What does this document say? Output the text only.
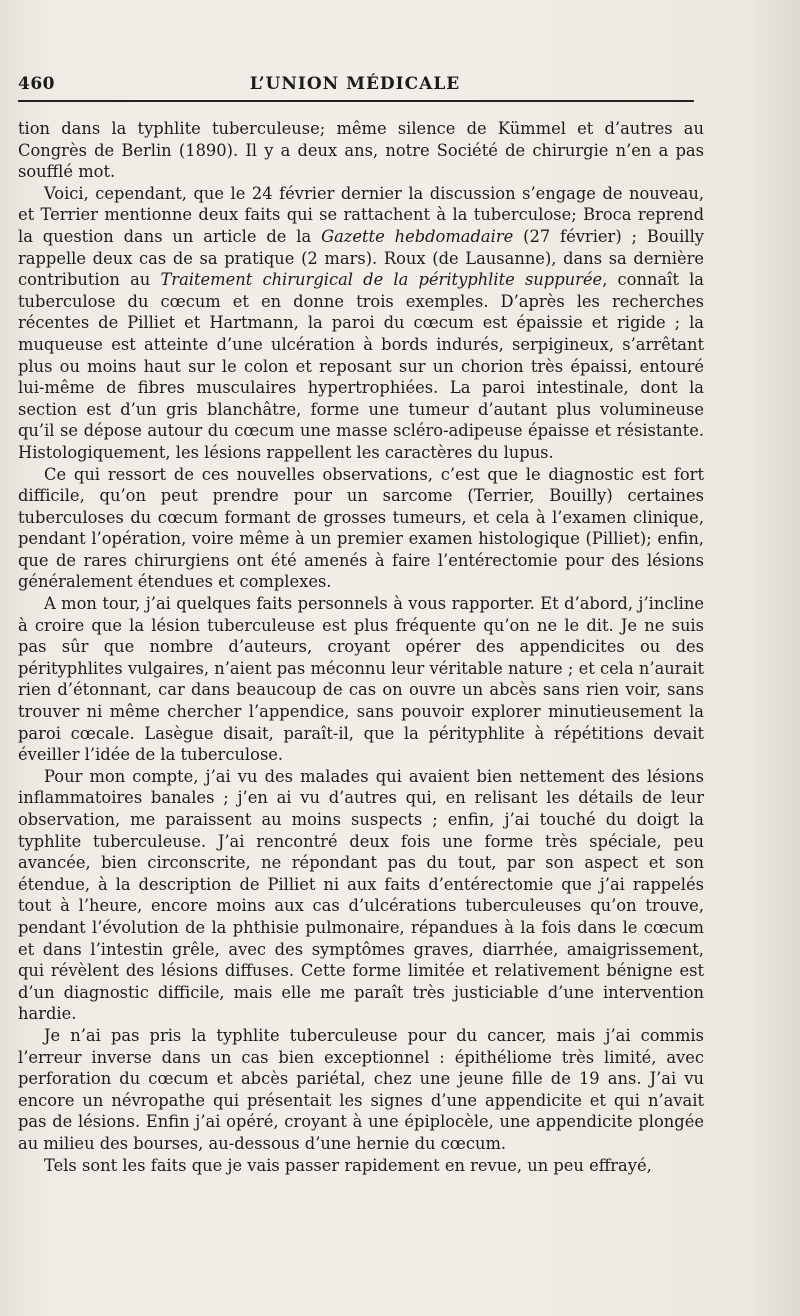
460	L’UNION MÉDICALE

tion dans la typhlite tuberculeuse; même silence de Kümmel et d’autres au Congrès de Berlin (1890). Il y a deux ans, notre Société de chirurgie n’en a pas soufflé mot.

Voici, cependant, que le 24 février dernier la discussion s’engage de nouveau, et Terrier mentionne deux faits qui se rattachent à la tuberculose; Broca reprend la question dans un article de la Gazette hebdomadaire (27 février) ; Bouilly rappelle deux cas de sa pratique (2 mars). Roux (de Lausanne), dans sa dernière contribution au Traitement chirurgical de la pérityphlite suppurée, connaît la tuberculose du cœcum et en donne trois exemples. D’après les recherches récentes de Pilliet et Hartmann, la paroi du cœcum est épaissie et rigide ; la muqueuse est atteinte d’une ulcération à bords indurés, serpigineux, s’arrêtant plus ou moins haut sur le colon et reposant sur un chorion très épaissi, entouré lui-même de fibres musculaires hypertrophiées. La paroi intestinale, dont la section est d’un gris blanchâtre, forme une tumeur d’autant plus volumineuse qu’il se dépose autour du cœcum une masse scléro-adipeuse épaisse et résistante. Histologiquement, les lésions rappellent les caractères du lupus.

Ce qui ressort de ces nouvelles observations, c’est que le diagnostic est fort difficile, qu’on peut prendre pour un sarcome (Terrier, Bouilly) certaines tuberculoses du cœcum formant de grosses tumeurs, et cela à l’examen clinique, pendant l’opération, voire même à un premier examen histologique (Pilliet); enfin, que de rares chirurgiens ont été amenés à faire l’entérectomie pour des lésions généralement étendues et complexes.

A mon tour, j’ai quelques faits personnels à vous rapporter. Et d’abord, j’incline à croire que la lésion tuberculeuse est plus fréquente qu’on ne le dit. Je ne suis pas sûr que nombre d’auteurs, croyant opérer des appendicites ou des pérityphlites vulgaires, n’aient pas méconnu leur véritable nature ; et cela n’aurait rien d’étonnant, car dans beaucoup de cas on ouvre un abcès sans rien voir, sans trouver ni même chercher l’appendice, sans pouvoir explorer minutieusement la paroi cœcale. Lasègue disait, paraît-il, que la pérityphlite à répétitions devait éveiller l’idée de la tuberculose.

Pour mon compte, j’ai vu des malades qui avaient bien nettement des lésions inflammatoires banales ; j’en ai vu d’autres qui, en relisant les détails de leur observation, me paraissent au moins suspects ; enfin, j’ai touché du doigt la typhlite tuberculeuse. J’ai rencontré deux fois une forme très spéciale, peu avancée, bien circonscrite, ne répondant pas du tout, par son aspect et son étendue, à la description de Pilliet ni aux faits d’entérectomie que j’ai rappelés tout à l’heure, encore moins aux cas d’ulcérations tuberculeuses qu’on trouve, pendant l’évolution de la phthisie pulmonaire, répandues à la fois dans le cœcum et dans l’intestin grêle, avec des symptômes graves, diarrhée, amaigrissement, qui révèlent des lésions diffuses. Cette forme limitée et relativement bénigne est d’un diagnostic difficile, mais elle me paraît très justiciable d’une intervention hardie.

Je n’ai pas pris la typhlite tuberculeuse pour du cancer, mais j’ai commis l’erreur inverse dans un cas bien exceptionnel : épithéliome très limité, avec perforation du cœcum et abcès pariétal, chez une jeune fille de 19 ans. J’ai vu encore un névropathe qui présentait les signes d’une appendicite et qui n’avait pas de lésions. Enfin j’ai opéré, croyant à une épiplocèle, une appendicite plongée au milieu des bourses, au-dessous d’une hernie du cœcum.

Tels sont les faits que je vais passer rapidement en revue, un peu effrayé,
